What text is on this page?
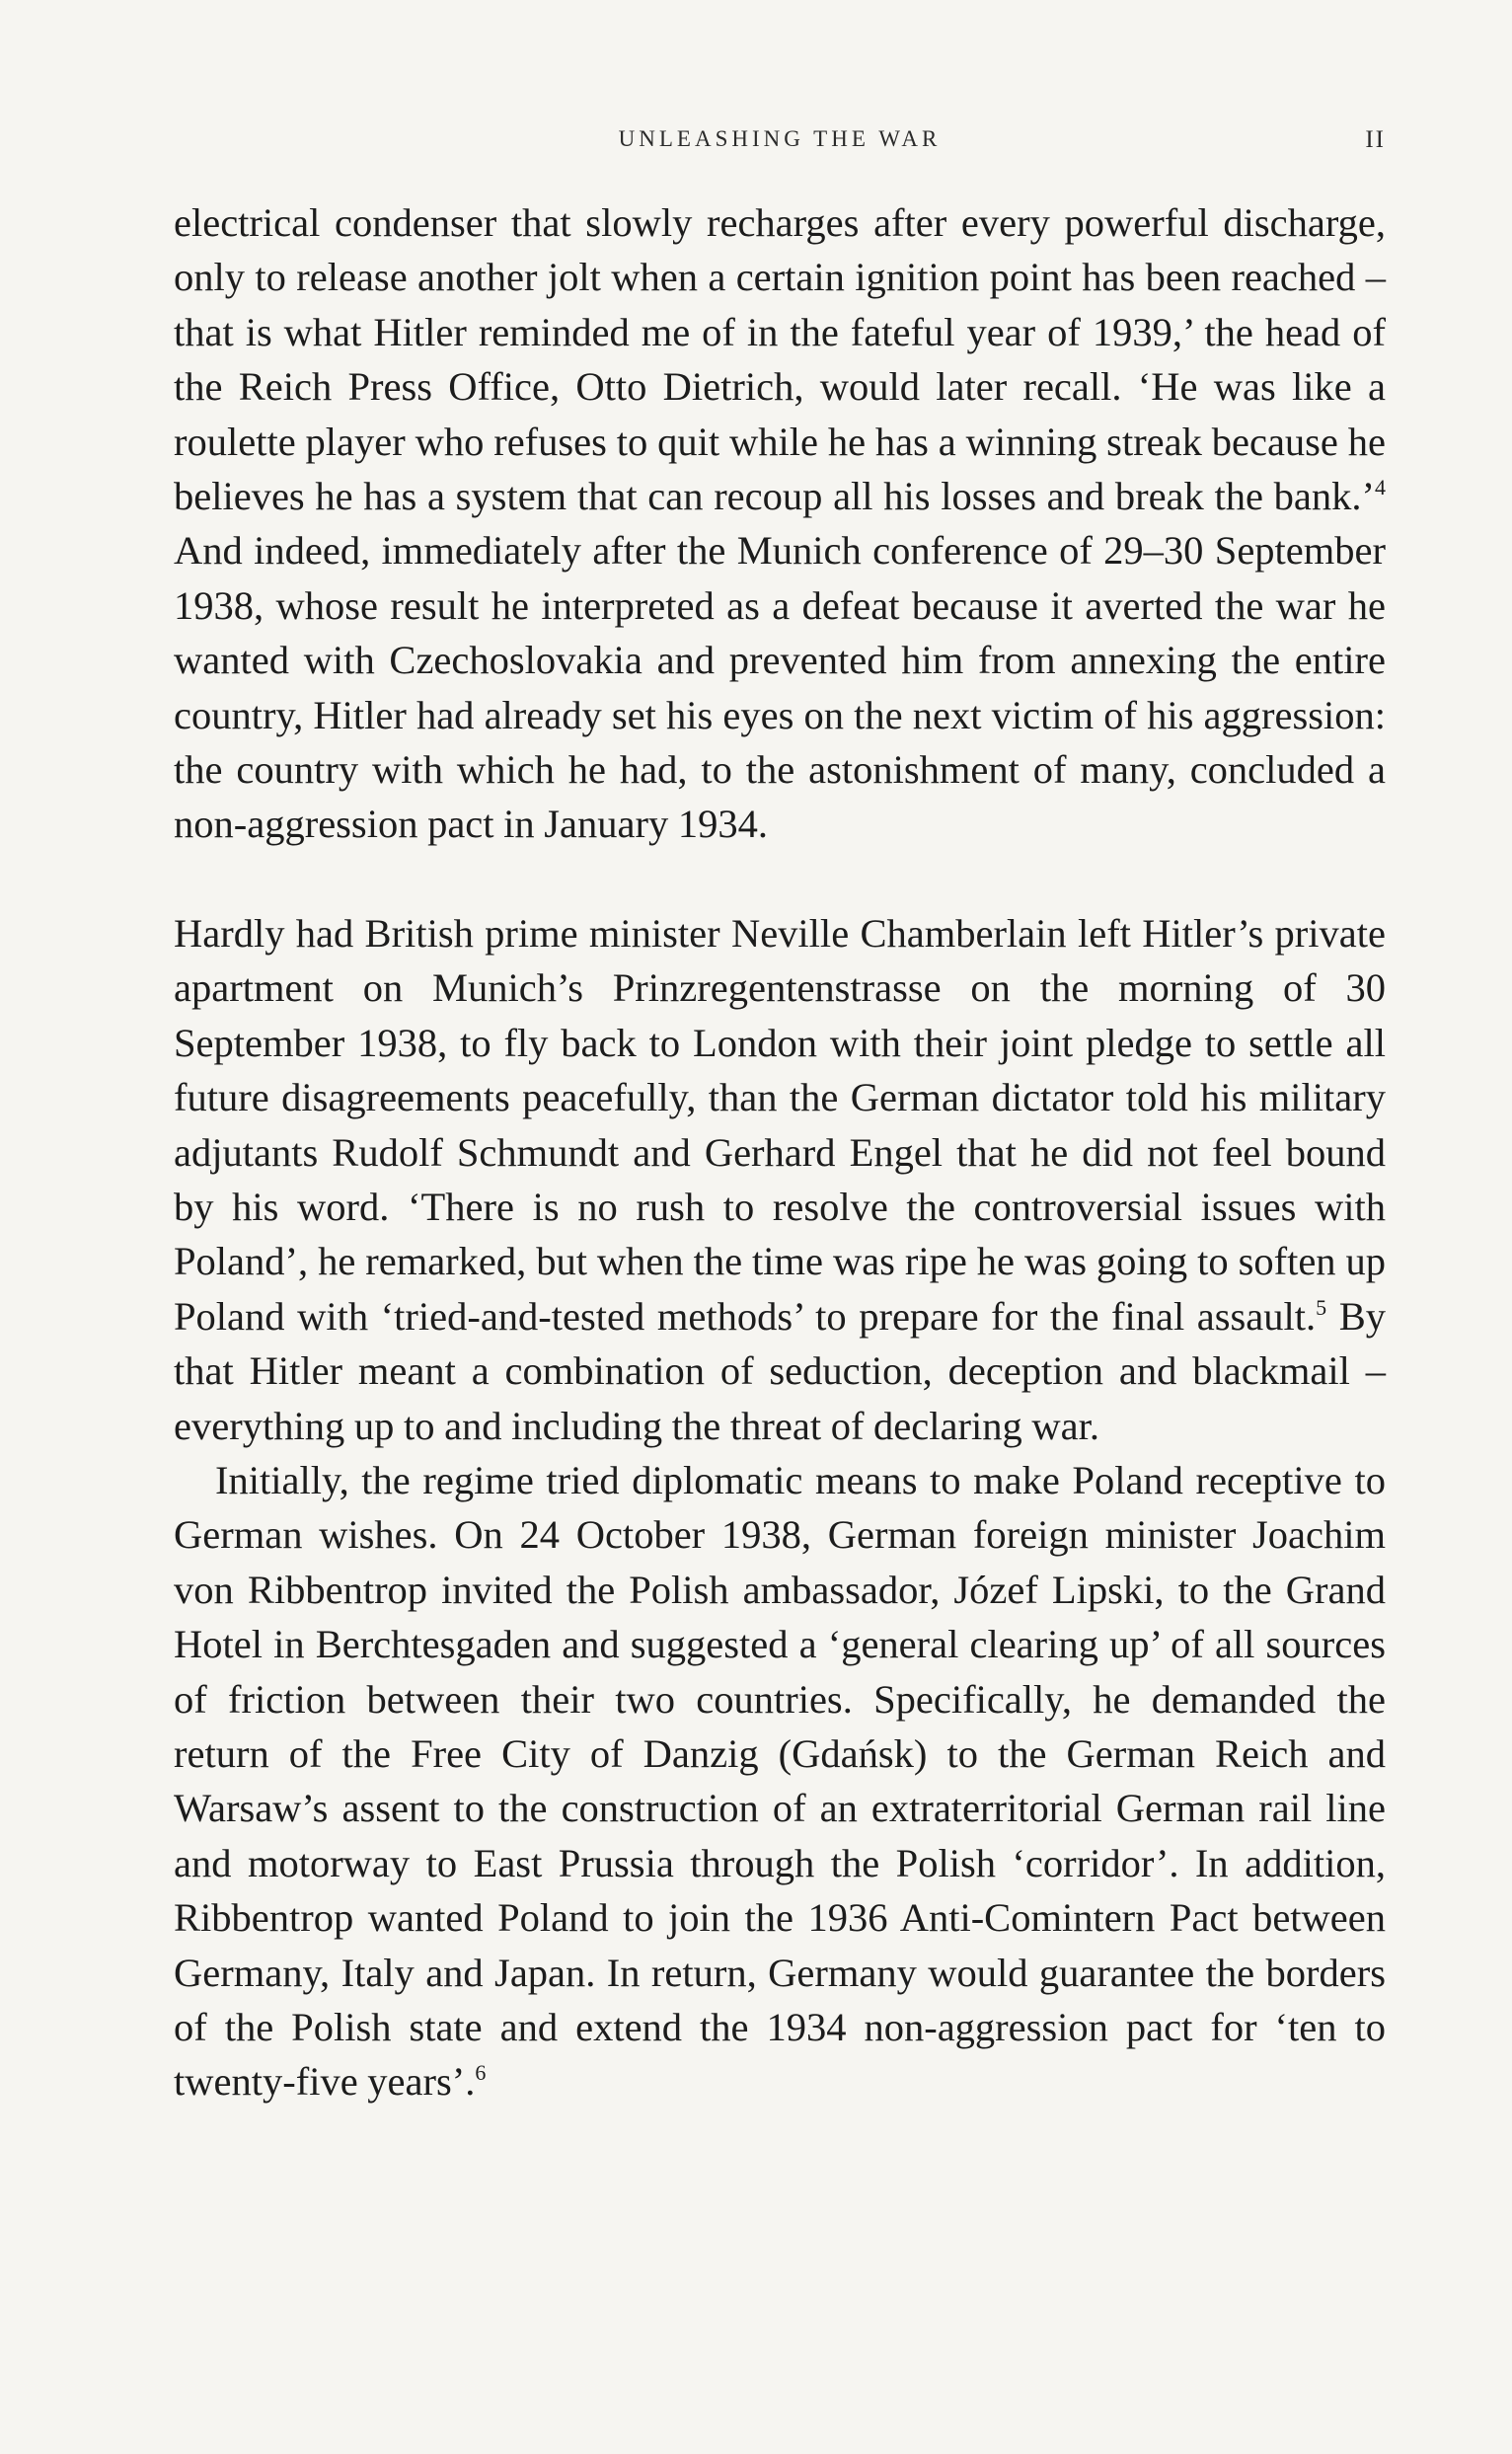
UNLEASHING THE WAR	II

electrical condenser that slowly recharges after every powerful discharge, only to release another jolt when a certain ignition point has been reached – that is what Hitler reminded me of in the fateful year of 1939,’ the head of the Reich Press Office, Otto Dietrich, would later recall. ‘He was like a roulette player who refuses to quit while he has a winning streak because he believes he has a system that can recoup all his losses and break the bank.’$^4$ And indeed, immediately after the Munich conference of 29–30 September 1938, whose result he interpreted as a defeat because it averted the war he wanted with Czechoslovakia and prevented him from annexing the entire country, Hitler had already set his eyes on the next victim of his aggression: the country with which he had, to the astonishment of many, concluded a non-aggression pact in January 1934.

Hardly had British prime minister Neville Chamberlain left Hitler’s private apartment on Munich’s Prinzregentenstrasse on the morning of 30 September 1938, to fly back to London with their joint pledge to settle all future disagreements peacefully, than the German dictator told his military adjutants Rudolf Schmundt and Gerhard Engel that he did not feel bound by his word. ‘There is no rush to resolve the controversial issues with Poland’, he remarked, but when the time was ripe he was going to soften up Poland with ‘tried-and-tested methods’ to prepare for the final assault.$^5$ By that Hitler meant a combination of seduction, deception and blackmail – everything up to and including the threat of declaring war.

Initially, the regime tried diplomatic means to make Poland receptive to German wishes. On 24 October 1938, German foreign minister Joachim von Ribbentrop invited the Polish ambassador, Józef Lipski, to the Grand Hotel in Berchtesgaden and suggested a ‘general clearing up’ of all sources of friction between their two countries. Specifically, he demanded the return of the Free City of Danzig (Gdańsk) to the German Reich and Warsaw’s assent to the construction of an extraterritorial German rail line and motorway to East Prussia through the Polish ‘corridor’. In addition, Ribbentrop wanted Poland to join the 1936 Anti-Comintern Pact between Germany, Italy and Japan. In return, Germany would guarantee the borders of the Polish state and extend the 1934 non-aggression pact for ‘ten to twenty-five years’.$^6$
